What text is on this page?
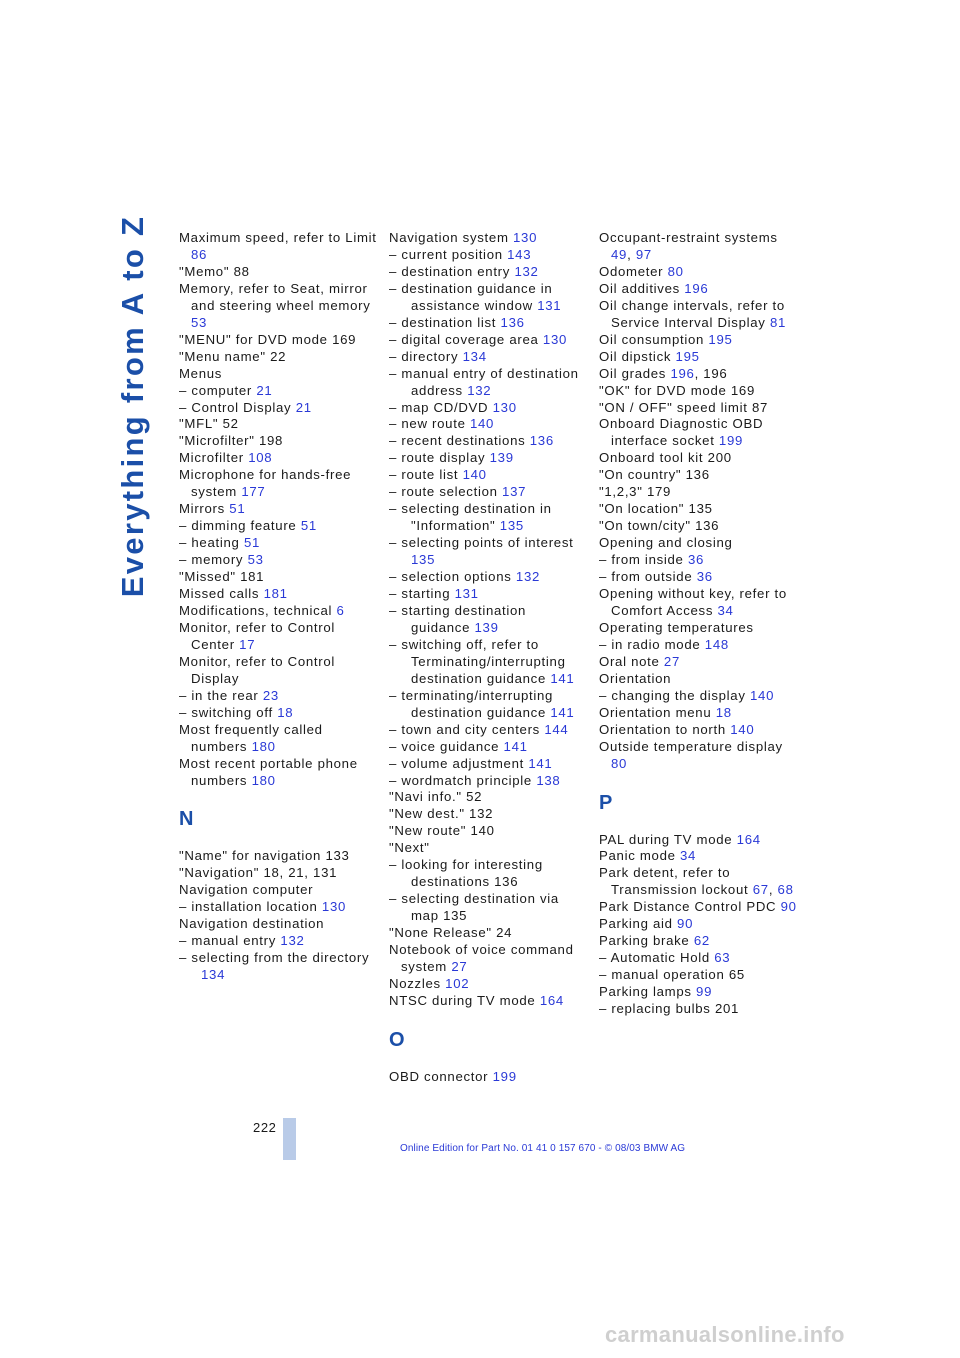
Everything from A to Z Maximum speed, refer to Limit 86
"Memo" 88
Memory, refer to Seat, mirror and steering wheel memory 53
"MENU" for DVD mode 169
"Menu name" 22
Menus
– computer 21
– Control Display 21
"MFL" 52
"Microfilter" 198
Microfilter 108
Microphone for hands-free system 177
Mirrors 51
– dimming feature 51
– heating 51
– memory 53
"Missed" 181
Missed calls 181
Modifications, technical 6
Monitor, refer to Control Center 17
Monitor, refer to Control Display
– in the rear 23
– switching off 18
Most frequently called numbers 180
Most recent portable phone numbers 180
N
"Name" for navigation 133
"Navigation" 18, 21, 131
Navigation computer
– installation location 130
Navigation destination
– manual entry 132
– selecting from the directory 134
Navigation system 130
– current position 143
– destination entry 132
– destination guidance in assistance window 131
– destination list 136
– digital coverage area 130
– directory 134
– manual entry of destination address 132
– map CD/DVD 130
– new route 140
– recent destinations 136
– route display 139
– route list 140
– route selection 137
– selecting destination in "Information" 135
– selecting points of interest 135
– selection options 132
– starting 131
– starting destination guidance 139
– switching off, refer to Terminating/interrupting destination guidance 141
– terminating/interrupting destination guidance 141
– town and city centers 144
– voice guidance 141
– volume adjustment 141
– wordmatch principle 138
"Navi info." 52
"New dest." 132
"New route" 140
"Next"
– looking for interesting destinations 136
– selecting destination via map 135
"None Release" 24
Notebook of voice command system 27
Nozzles 102
NTSC during TV mode 164
O
OBD connector 199
Occupant-restraint systems 49, 97
Odometer 80
Oil additives 196
Oil change intervals, refer to Service Interval Display 81
Oil consumption 195
Oil dipstick 195
Oil grades 196, 196
"OK" for DVD mode 169
"ON / OFF" speed limit 87
Onboard Diagnostic OBD interface socket 199
Onboard tool kit 200
"On country" 136
"1,2,3" 179
"On location" 135
"On town/city" 136
Opening and closing
– from inside 36
– from outside 36
Opening without key, refer to Comfort Access 34
Operating temperatures
– in radio mode 148
Oral note 27
Orientation
– changing the display 140
Orientation menu 18
Orientation to north 140
Outside temperature display 80
P
PAL during TV mode 164
Panic mode 34
Park detent, refer to Transmission lockout 67, 68
Park Distance Control PDC 90
Parking aid 90
Parking brake 62
– Automatic Hold 63
– manual operation 65
Parking lamps 99
– replacing bulbs 201
222
Online Edition for Part No. 01 41 0 157 670 - © 08/03 BMW AG
carmanualsonline.info
